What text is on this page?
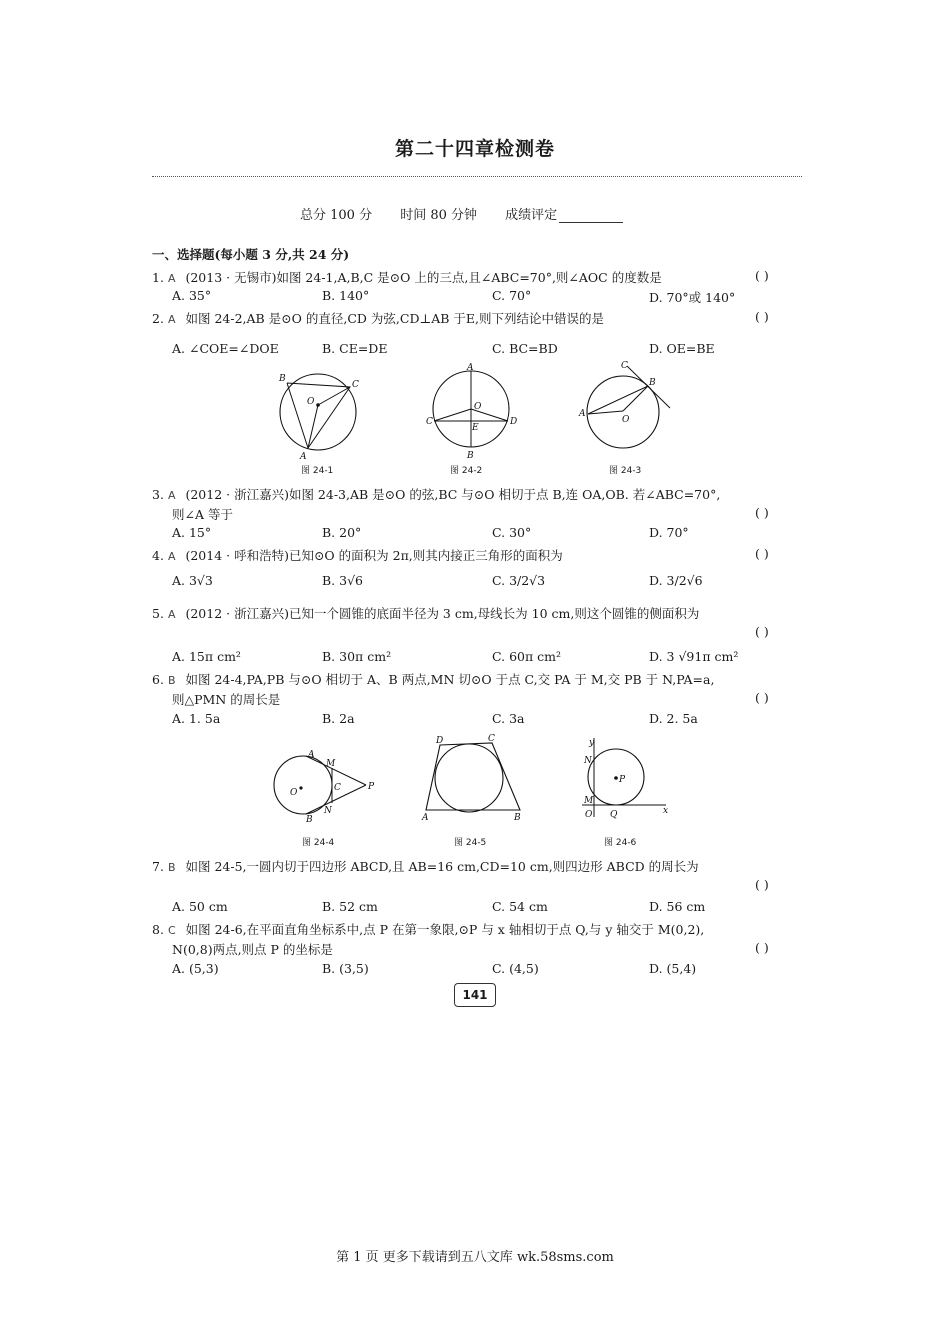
第二十四章检测卷
总分 100 分 时间 80 分钟 成绩评定
一、选择题(每小题 3 分,共 24 分)
1. A (2013 · 无锡市)如图 24-1,A,B,C 是⊙O 上的三点,且∠ABC=70°,则∠AOC 的度数是	( )
A. 35°	B. 140°	C. 70°	D. 70°或 140°
2. A 如图 24-2,AB 是⊙O 的直径,CD 为弦,CD⊥AB 于E,则下列结论中错误的是	( )
A. ∠COE=∠DOE	B. CE=DE	C. BC=BD	D. OE=BE
B
C
O
A
图 24-1
A
C	D
O
E
B
图 24-2
C
B
A
O
图 24-3
3. A (2012 · 浙江嘉兴)如图 24-3,AB 是⊙O 的弦,BC 与⊙O 相切于点 B,连 OA,OB. 若∠ABC=70°,
则∠A 等于	( )
A. 15°	B. 20°	C. 30°	D. 70°
4. A (2014 · 呼和浩特)已知⊙O 的面积为 2π,则其内接正三角形的面积为	( )
A. 3√3	B. 3√6	C. 3/2√3	D. 3/2√6
5. A (2012 · 浙江嘉兴)已知一个圆锥的底面半径为 3 cm,母线长为 10 cm,则这个圆锥的侧面积为
( )
A. 15π cm²	B. 30π cm²	C. 60π cm²	D. 3 √91π cm²
6. B 如图 24-4,PA,PB 与⊙O 相切于 A、B 两点,MN 切⊙O 于点 C,交 PA 于 M,交 PB 于 N,PA=a,
则△PMN 的周长是	( )
A. 1. 5a	B. 2a	C. 3a	D. 2. 5a
A
M
C	P
O
N
B
图 24-4
D	C
A	B
图 24-5
y
x
N
M
P
O Q
图 24-6
7. B 如图 24-5,一圆内切于四边形 ABCD,且 AB=16 cm,CD=10 cm,则四边形 ABCD 的周长为
( )
A. 50 cm	B. 52 cm	C. 54 cm	D. 56 cm
8. C 如图 24-6,在平面直角坐标系中,点 P 在第一象限,⊙P 与 x 轴相切于点 Q,与 y 轴交于 M(0,2),
N(0,8)两点,则点 P 的坐标是	( )
A. (5,3)	B. (3,5)	C. (4,5)	D. (5,4)
141
第 1 页 更多下载请到五八文库 wk.58sms.com
